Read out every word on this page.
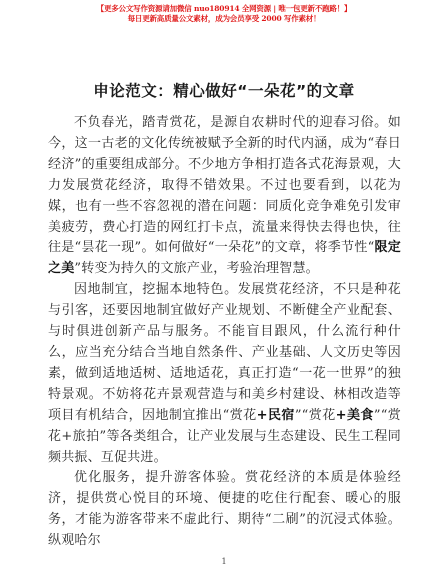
【更多公文写作资源请加微信 nuo180914 全网资源 | 唯一包更新不跑路！】
每日更新高质量公文素材，成为会员享受 2000 写作素材！
申论范文：精心做好“一朵花”的文章

不负春光，踏青赏花，是源自农耕时代的迎春习俗。如今，这一古老的文化传统被赋予全新的时代内涵，成为“春日经济”的重要组成部分。不少地方争相打造各式花海景观，大力发展赏花经济，取得不错效果。不过也要看到，以花为媒，也有一些不容忽视的潜在问题：同质化竞争难免引发审美疲劳，费心打造的网红打卡点，流量来得快去得也快，往往是“昙花一现”。如何做好“一朵花”的文章，将季节性“限定之美”转变为持久的文旅产业，考验治理智慧。

因地制宜，挖掘本地特色。发展赏花经济，不只是种花与引客，还要因地制宜做好产业规划、不断健全产业配套、与时俱进创新产品与服务。不能盲目跟风，什么流行种什么，应当充分结合当地自然条件、产业基础、人文历史等因素，做到适地适树、适地适花，真正打造“一花一世界”的独特景观。不妨将花卉景观营造与和美乡村建设、林相改造等项目有机结合，因地制宜推出“赏花+民宿”“赏花+美食”“赏花+旅拍”等各类组合，让产业发展与生态建设、民生工程同频共振、互促共进。

优化服务，提升游客体验。赏花经济的本质是体验经济，提供赏心悦目的环境、便捷的吃住行配套、暖心的服务，才能为游客带来不虚此行、期待“二刷”的沉浸式体验。纵观哈尔

1
